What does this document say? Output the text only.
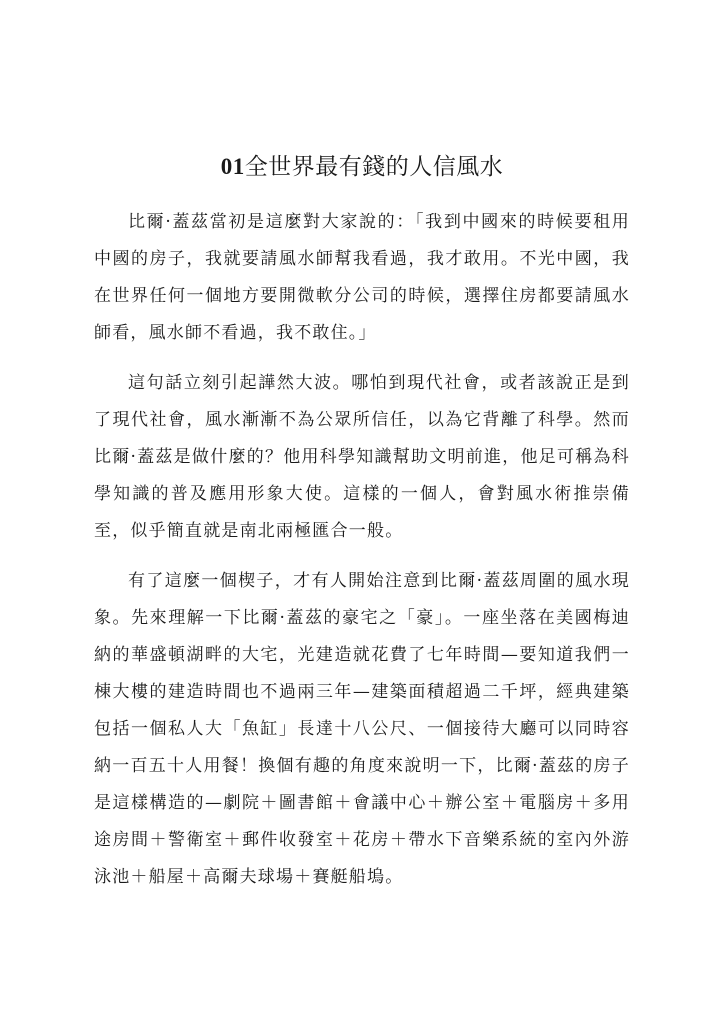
01全世界最有錢的人信風水

比爾·蓋茲當初是這麼對大家說的：「我到中國來的時候要租用中國的房子，我就要請風水師幫我看過，我才敢用。不光中國，我在世界任何一個地方要開微軟分公司的時候，選擇住房都要請風水師看，風水師不看過，我不敢住。」

這句話立刻引起譁然大波。哪怕到現代社會，或者該說正是到了現代社會，風水漸漸不為公眾所信任，以為它背離了科學。然而比爾·蓋茲是做什麼的？他用科學知識幫助文明前進，他足可稱為科學知識的普及應用形象大使。這樣的一個人，會對風水術推崇備至，似乎簡直就是南北兩極匯合一般。

有了這麼一個楔子，才有人開始注意到比爾·蓋茲周圍的風水現象。先來理解一下比爾·蓋茲的豪宅之「豪」。一座坐落在美國梅迪納的華盛頓湖畔的大宅，光建造就花費了七年時間—要知道我們一棟大樓的建造時間也不過兩三年—建築面積超過二千坪，經典建築包括一個私人大「魚缸」長達十八公尺、一個接待大廳可以同時容納一百五十人用餐！換個有趣的角度來說明一下，比爾·蓋茲的房子是這樣構造的—劇院＋圖書館＋會議中心＋辦公室＋電腦房＋多用途房間＋警衛室＋郵件收發室＋花房＋帶水下音樂系統的室內外游泳池＋船屋＋高爾夫球場＋賽艇船塢。
